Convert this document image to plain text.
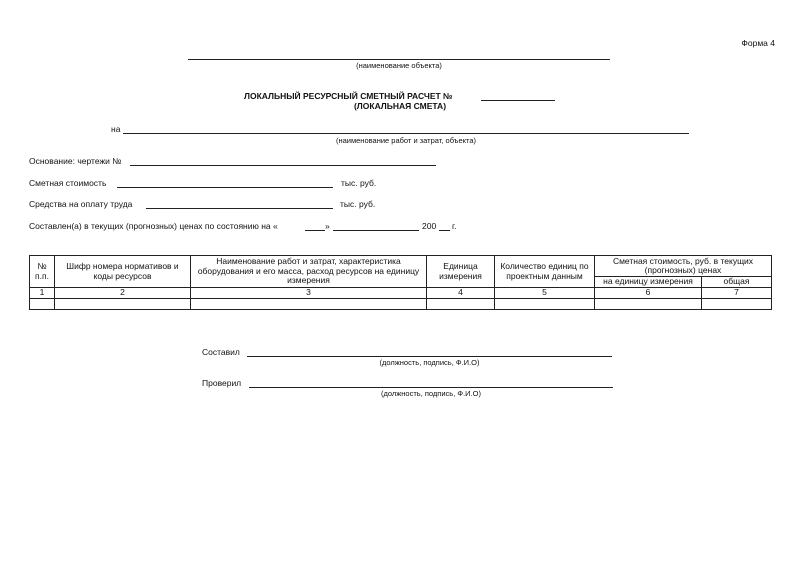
Форма 4
(наименование объекта)
ЛОКАЛЬНЫЙ РЕСУРСНЫЙ СМЕТНЫЙ РАСЧЕТ №
(ЛОКАЛЬНАЯ СМЕТА)
на
(наименование работ и затрат, объекта)
Основание: чертежи №
Сметная стоимость	тыс. руб.
Средства на оплату труда	тыс. руб.
Составлен(а) в текущих (прогнозных) ценах по состоянию на «	»	200 г.
№ п.п.	Шифр номера нормативов и коды ресурсов	Наименование работ и затрат, характеристика оборудования и его масса, расход ресурсов на единицу измерения	Единица измерения	Количество единиц по проектным данным	Сметная стоимость, руб. в текущих (прогнозных) ценах	
					на единицу измерения	общая
1	2	3	4	5	6	7

Составил
(должность, подпись, Ф.И.О)
Проверил
(должность, подпись, Ф.И.О)
